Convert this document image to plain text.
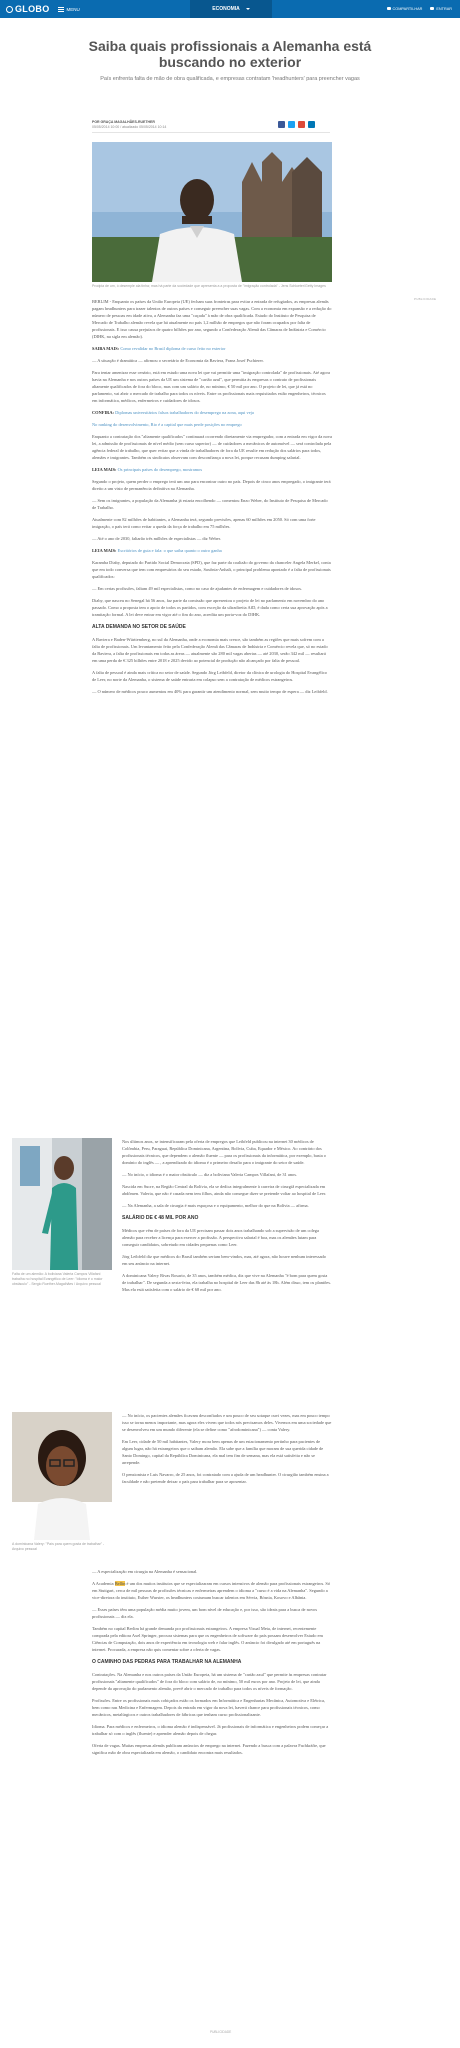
GLOBO	MENU	ECONOMIA	COMPARTILHAR	ENTRAR
Saiba quais profissionais a Alemanha está buscando no exterior

País enfrenta falta de mão de obra qualificada, e empresas contratam 'headhunters' para preencher vagas

POR GRAÇA MAGALHÃES-RUETHER
05/05/2014 10:00 / atualizado 05/05/2014 10:14

Prodpia de um, ó desemple ala tinha; mas há parte da sociedade que apresenta a a proposta de "imigração controlada" - Jens Schlueter/Getty Images

PUBLICIDADE

BERLIM - Enquanto os países da União Europeia (UE) fecham suas fronteiras para evitar a entrada de refugiados, as empresas alemãs pagam headhunters para trazer talentos de outros países e conseguir preencher suas vagas. Com a economia em expansão e a redução do número de pessoas em idade ativa, a Alemanha faz uma "caçada" à mão de obra qualificada. Estudo do Instituto de Pesquisa de Mercado de Trabalho alemão revela que há atualmente no país 1,2 milhão de empregos que não foram ocupados por falta de profissionais. E isso causa prejuízos de quatro bilhões por ano, segundo a Confederação Alemã das Câmaras de Indústria e Comércio (DIHK, na sigla em alemão).

SAIBA MAIS: Como revalidar no Brasil diploma de curso feito no exterior

— A situação é dramática — afirmou o secretário de Economia da Baviera, Franz Josef Pschierer.

Para tentar amenizar esse cenário, está em estudo uma nova lei que vai permitir uma "imigração controlada" de profissionais. Até agora havia na Alemanha e nos outros países da UE um sistema de "cartão azul", que permitia às empresas o contrato de profissionais altamente qualificados de fora do bloco, mas com um salário de, no mínimo, € 50 mil por ano. O projeto de lei, que já está no parlamento, vai abrir o mercado de trabalho para todos os níveis. Entre os profissionais mais requisitados estão engenheiros, técnicos em informática, médicos, enfermeiros e cuidadores de idosos.

CONFIRA: Diplomas universitários falsos trabalhadores do desemprego na zona, aqui veja

No ranking do desenvolvimento, Rio é a capital que mais perde posições no emprego

Enquanto a contratação dos "altamente qualificados" continuará ocorrendo diretamente via empregador, com a entrada em vigor da nova lei, a admissão de profissionais de nível médio (sem curso superior) — de cuidadores a mecânicos de automóvel — será controlada pela agência federal de trabalho, que quer evitar que a vinda de trabalhadores de fora da UE resulte em redução dos salários para todos, alemães e imigrantes. Também os sindicatos observam com desconfiança a nova lei, porque recusam dumping salarial.

LEIA MAIS: Os principais países do desemprego, mostramos

Segundo o projeto, quem perder o emprego terá um ano para encontrar outro no país. Depois de cinco anos empregado, o imigrante terá direito a um visto de permanência definitiva na Alemanha.

— Sem os imigrantes, a população da Alemanha já estaria encolhendo — comentou Enzo Weber, do Instituto de Pesquisa de Mercado de Trabalho.

Atualmente com 82 milhões de habitantes, a Alemanha terá, segundo previsões, apenas 60 milhões em 2050. Só com uma forte imigração, o país terá como evitar a queda da força de trabalho em 75 milhões.

— Até o ano de 2030, faltarão três milhões de especialistas — diz Weber.

LEIA MAIS: Escritórios de guia e fala: o que saiba quanto o outro ganha

Karamba Diaby, deputado do Partido Social Democrata (SPD), que faz parte da coalizão do governo da chanceler Angela Merkel, conta que em todo conversa que tem com empresários do seu estado, Saxônia-Anhalt, o principal problema apontado é a falta de profissionais qualificados:

— Em certas profissões, faltam 49 mil especialistas, como no caso de ajudantes de enfermagem e cuidadores de idosos.

Diaby, que nasceu no Senegal há 56 anos, faz parte da comissão que apresentou o projeto de lei no parlamento em novembro do ano passado. Como a proposta tem o apoio de todos os partidos, com exceção da ultradireita AfD, é dada como certa sua aprovação após a tramitação formal. A lei deve entrar em vigor até o fim do ano, acredita um porta-voz do DIHK.

ALTA DEMANDA NO SETOR DE SAÚDE

A Baviera e Baden-Württemberg, no sul da Alemanha, onde a economia mais cresce, são também as regiões que mais sofrem com a falta de profissionais. Um levantamento feito pela Confederação Alemã das Câmaras de Indústria e Comércio revela que, só no estado da Baviera, a falta de profissionais em todas as áreas — atualmente são 280 mil vagas abertas — até 2030, serão 342 mil — resultará em uma perda de € 325 bilhões entre 2018 e 2025 devido ao potencial de produção não alcançado por falta de pessoal.

A falta de pessoal é ainda mais crítica no setor de saúde. Segundo Jörg Leibfeld, diretor da clínica de urologia do Hospital Evangélico de Leer, no norte da Alemanha, o sistema de saúde entraria em colapso sem a contratação de médicos estrangeiros.

— O número de médicos pouco aumentou em 40% para garantir um atendimento normal, sem muito tempo de espera — diz Leibfeld.

Falta de um alemão: A boliviana Valeria Campos Villafani trabalha no hospital Evangélico de Leer: "idioma é o maior obstáculo" - Sergio Ruether-Magalhães / Arquivo pessoal

Nos últimos anos, se intensificaram pela oferta de empregos que Leibfeld publicou na internet 30 médicos de Colômbia, Peru, Paraguai, República Dominicana, Argentina, Bolívia, Cuba, Equador e México. Ao contrário dos profissionais técnicos, que dependem o alemão fluente — para os profissionais da informática, por exemplo, basta o domínio do inglês — , a aprendizado do idioma é o primeiro desafio para o imigrante do setor de saúde.

— No início, o idioma é o maior obstáculo — diz a boliviana Valeria Campos Villafani, de 31 anos.

Nascida em Sucre, na Região Central da Bolívia, ela se dedica integralmente à carreira de cirurgiã especializada em abdômen. Valeria, que não é casada nem tem filhos, ainda não consegue dizer se pretende voltar ao hospital de Leer.

— Na Alemanha, a sala de cirurgia é mais espaçosa e o equipamento, melhor do que na Bolívia — afirma.

SALÁRIO DE € 48 MIL POR ANO

Médicos que vêm de países de fora da UE precisam passar dois anos trabalhando sob a supervisão de um colega alemão para receber a licença para exercer a profissão. A perspectiva salarial é boa, mas os alemães lutam para conseguir candidatos, sobretudo em cidades pequenas como Leer.

Jörg Leibfeld diz que médicos do Brasil também seriam bem-vindos, mas, até agora, não houve nenhum interessado em seu anúncio na internet.

A dominicana Valery Rivas Rosario, de 35 anos, também médica, diz que vive na Alemanha "é bom para quem gosta de trabalhar". De segunda a sexta-feira, ela trabalha no hospital de Leer das 8h até às 18h. Além disso, tem os plantões. Mas ela está satisfeita com o salário de € 68 mil por ano.

A dominicana Valery: "País para quem gosta de trabalhar" - Arquivo pessoal

— No início, os pacientes alemães ficavam desconfiados e um pouco de seu sotaque ouvi vezes, mas em pouco tempo isso se torna menos importante, mas agora eles vivem que todos nós precisamos deles. Vivemos em uma sociedade que se desenvolveu em um mundo diferente (ela se define como "afrodominicana") — conta Valery.

Em Leer, cidade de 50 mil habitantes, Valery mora bem apenas de um estacionamento pertinho para pacientes de algum lugar, não há estrangeiros que o saibam alemão. Ela sabe que a família que moram de sua querida cidade de Santo Domingo, capital da República Dominicana, ela mal tem fim de semana, mas ela está satisfeita e não se arrepende.

O pensionista e Luis Navarro, de 25 anos, foi contratado com a ajuda de um headhunter. O cirurgião também ensina a faculdade e não pretende deixar o país para trabalhar para se aposentar.

— A especialização em cirurgia na Alemanha é sensacional.

A Academia Bellin é um dos muitos institutos que se especializaram em cursos intensivos de alemão para profissionais estrangeiros. Só em Stuttgart, cerca de mil pessoas de profissões técnicas e enfermeiras aprendem o idioma a "curso é a vida na Alemanha". Segundo a vice-diretora do instituto, Esther Wurster, os headhunters costumam buscar talentos em Sérvia, Bósnia, Kosovo e Albânia.

— Esses países têm uma população média muito jovem, um bom nível de educação e, por isso, são ideais para a busca de novos profissionais — diz ela.

Também no capital Berlim há grande demanda por profissionais estrangeiros. A empresa Visual Meta, de internet, recentemente comprada pela editora Axel Springer, procura sistemas para que os engenheiros de software do país possam desenvolver Estudo em Ciências de Computação, dois anos de experiência em tecnologia web e falar inglês. O anúncio foi divulgado até em português na internet. Procurada, a empresa não quis comentar sobre a oferta de vagas.

O CAMINHO DAS PEDRAS PARA TRABALHAR NA ALEMANHA

Contratações. Na Alemanha e nos outros países da União Europeia, há um sistema de "cartão azul" que permite às empresas contratar profissionais "altamente qualificados" de fora do bloco com salário de, no mínimo, 50 mil euros por ano. Projeto de lei, que ainda depende da aprovação do parlamento alemão, prevê abrir o mercado de trabalho para todos os níveis de formação.

Profissões. Entre os profissionais mais cobiçados estão os formados em Informática e Engenharias Mecânica, Automotiva e Elétrica, bem como nas Medicina e Enfermagem. Depois da entrada em vigor da nova lei, haverá chance para profissionais técnicos, como mecânicos, metalúrgicos e outros trabalhadores de fábricas que tenham curso profissionalizante.

Idioma. Para médicos e enfermeiros, o idioma alemão é indispensável. Já profissionais de informática e engenheiros podem começar a trabalhar só com o inglês (fluente) e aprender alemão depois de chegar.

Oferta de vagas. Muitas empresas alemãs publicam anúncios de emprego na internet. Fazendo a busca com a palavra Fachkräfte, que significa mão de obra especializada em alemão, o candidato encontra mais resultados.

PUBLICIDADE
